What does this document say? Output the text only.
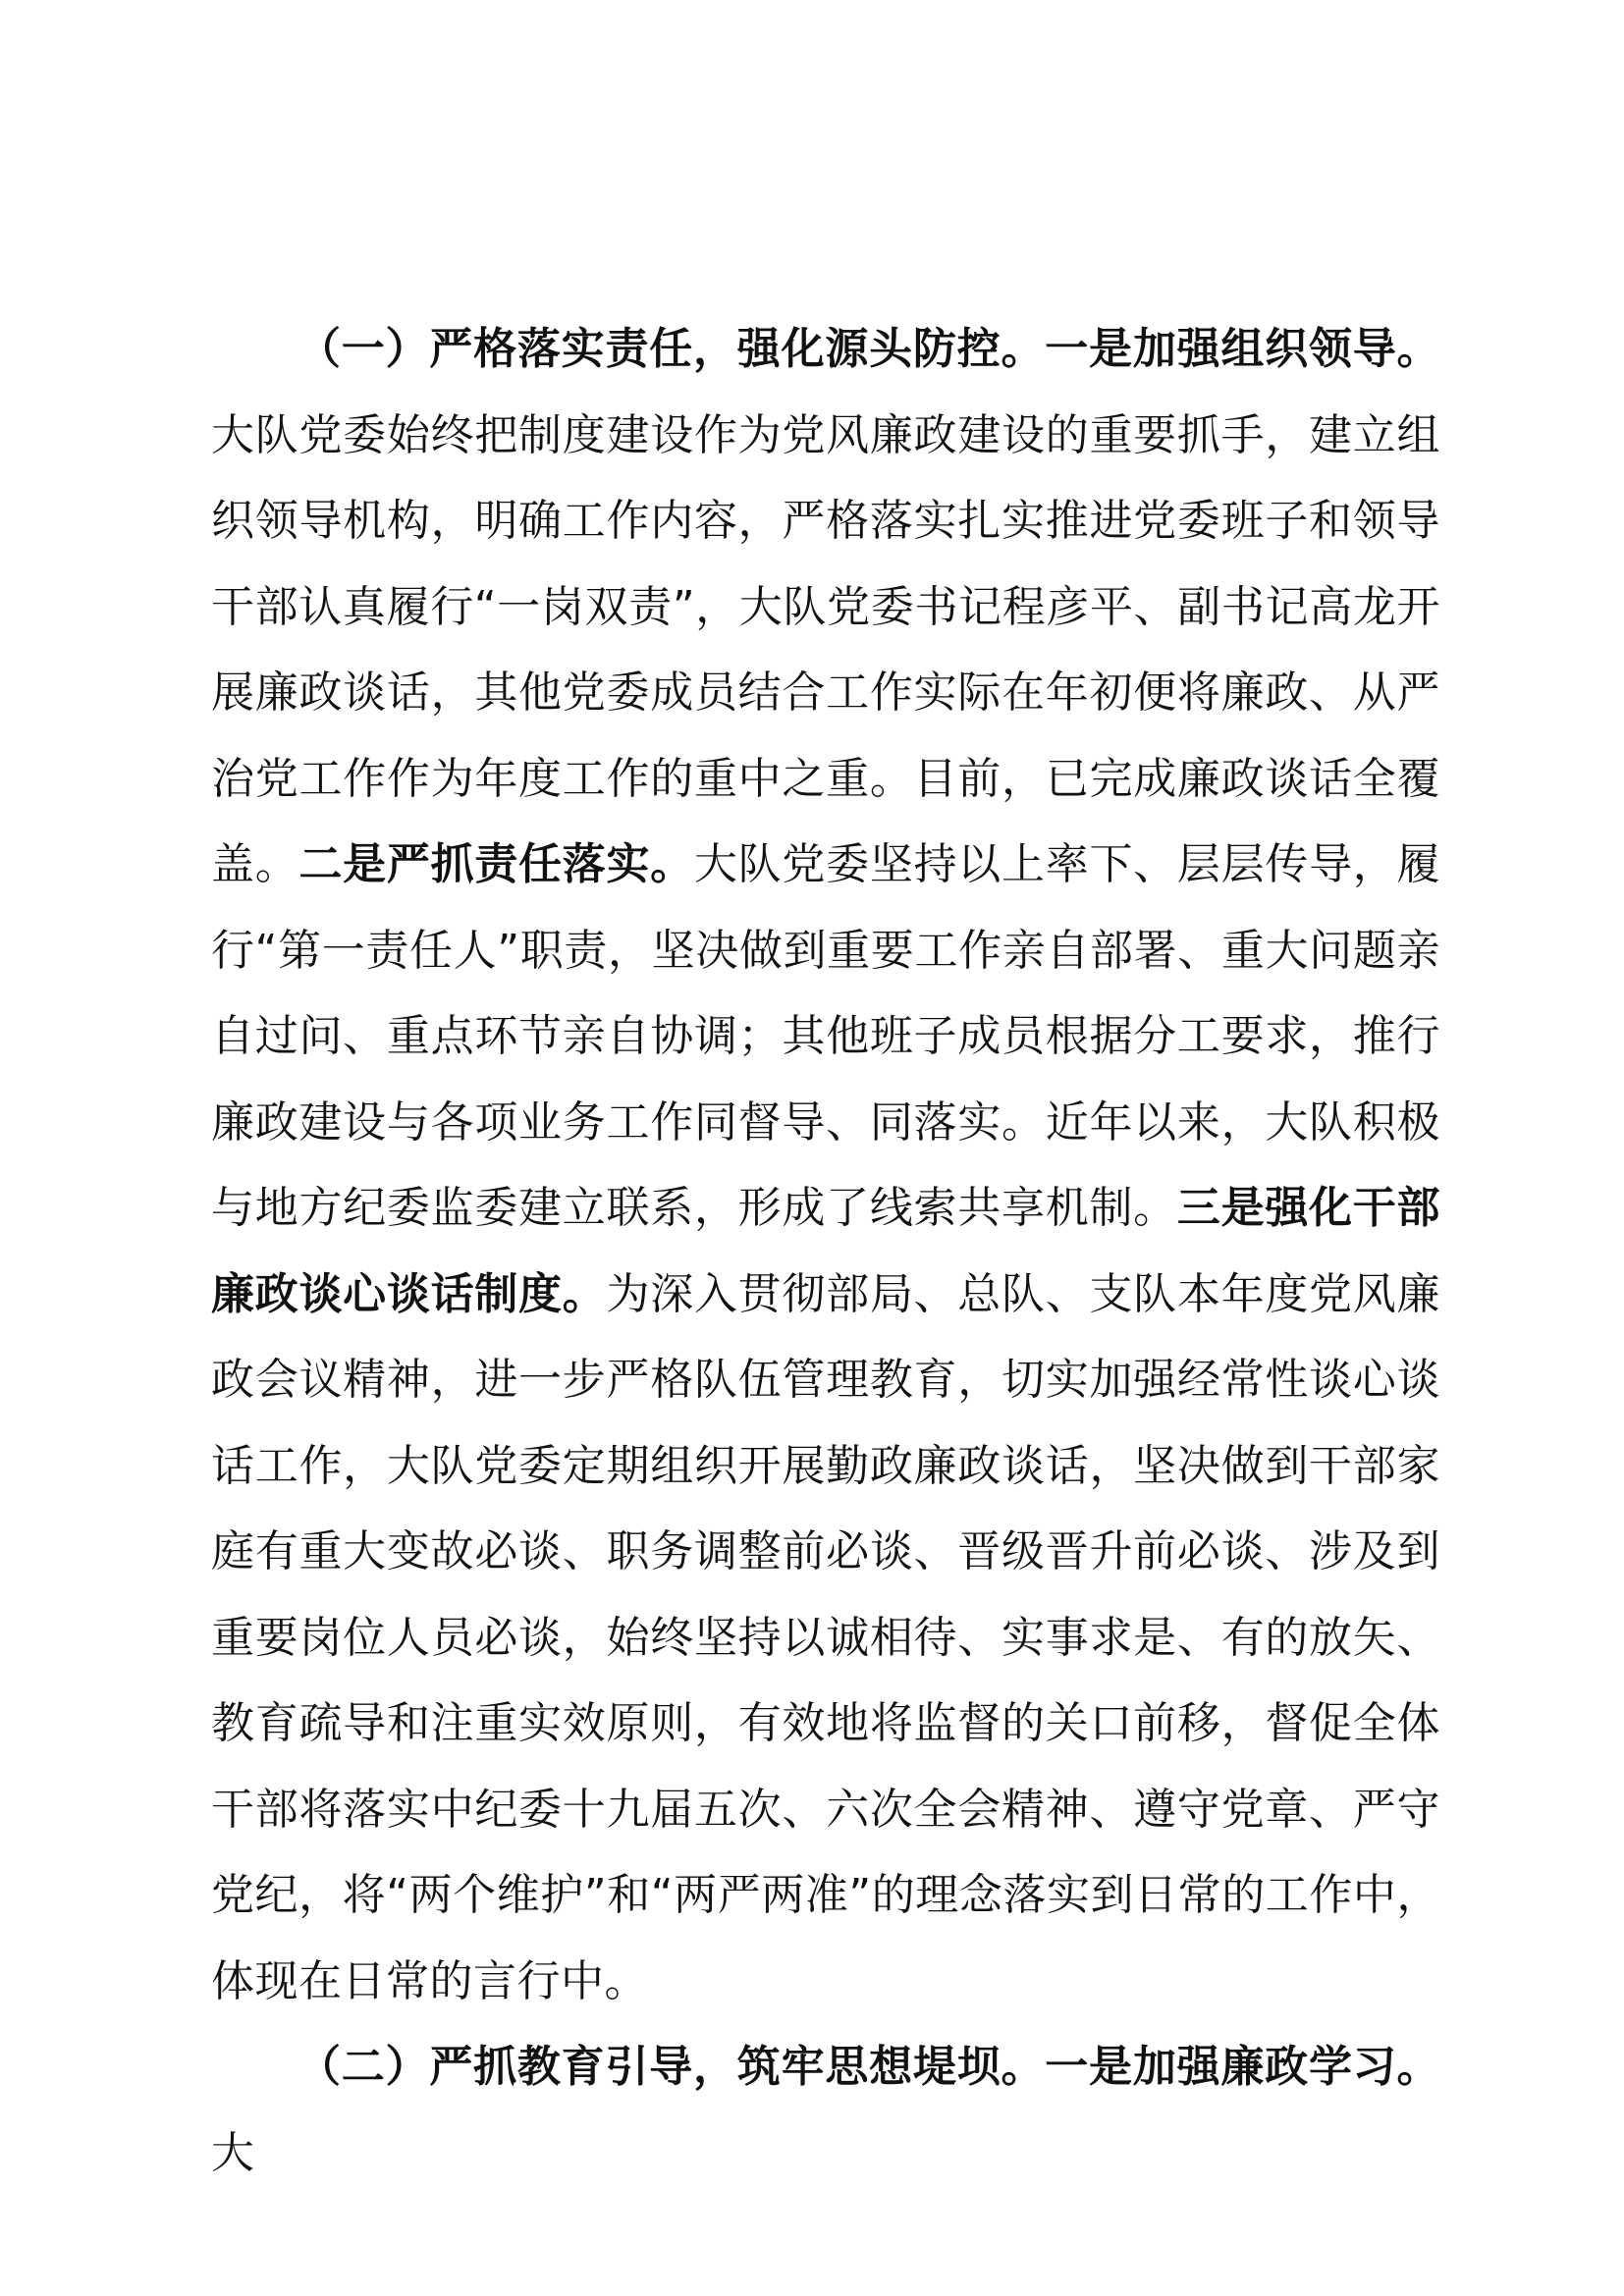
（一）严格落实责任，强化源头防控。一是加强组织领导。大队党委始终把制度建设作为党风廉政建设的重要抓手，建立组织领导机构，明确工作内容，严格落实扎实推进党委班子和领导干部认真履行“一岗双责”，大队党委书记程彦平、副书记高龙开展廉政谈话，其他党委成员结合工作实际在年初便将廉政、从严治党工作作为年度工作的重中之重。目前，已完成廉政谈话全覆盖。二是严抓责任落实。大队党委坚持以上率下、层层传导，履行“第一责任人”职责，坚决做到重要工作亲自部署、重大问题亲自过问、重点环节亲自协调；其他班子成员根据分工要求，推行廉政建设与各项业务工作同督导、同落实。近年以来，大队积极与地方纪委监委建立联系，形成了线索共享机制。三是强化干部廉政谈心谈话制度。为深入贯彻部局、总队、支队本年度党风廉政会议精神，进一步严格队伍管理教育，切实加强经常性谈心谈话工作，大队党委定期组织开展勤政廉政谈话，坚决做到干部家庭有重大变故必谈、职务调整前必谈、晋级晋升前必谈、涉及到重要岗位人员必谈，始终坚持以诚相待、实事求是、有的放矢、教育疏导和注重实效原则，有效地将监督的关口前移，督促全体干部将落实中纪委十九届五次、六次全会精神、遵守党章、严守党纪，将“两个维护”和“两严两准”的理念落实到日常的工作中，体现在日常的言行中。

（二）严抓教育引导，筑牢思想堤坝。一是加强廉政学习。大
